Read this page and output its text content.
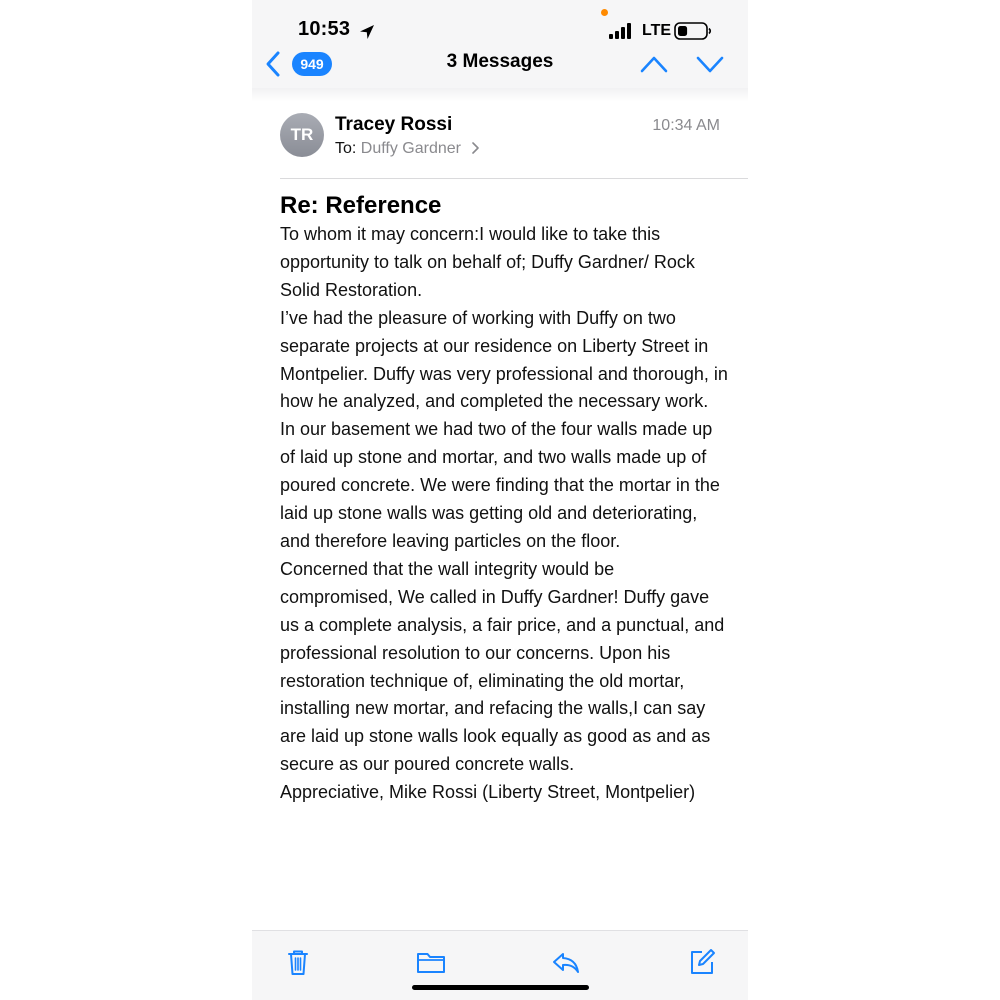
10:53	LTE
949	3 Messages
TR	Tracey Rossi	10:34 AM
To: Duffy Gardner
Re: Reference

To whom it may concern:I would like to take this opportunity to talk on behalf of; Duffy Gardner/ Rock Solid Restoration.

I’ve had the pleasure of working with Duffy on two separate projects at our residence on Liberty Street in Montpelier. Duffy was very professional and thorough, in how he analyzed, and completed the necessary work. In our basement we had two of the four walls made up of laid up stone and mortar, and two walls made up of poured concrete. We were finding that the mortar in the laid up stone walls was getting old and deteriorating, and therefore leaving particles on the floor.

Concerned that the wall integrity would be compromised, We called in Duffy Gardner! Duffy gave us a complete analysis, a fair price, and a punctual, and professional resolution to our concerns. Upon his restoration technique of, eliminating the old mortar, installing new mortar, and refacing the walls,I can say are laid up stone walls look equally as good as and as secure as our poured concrete walls.

Appreciative, Mike Rossi (Liberty Street, Montpelier)
